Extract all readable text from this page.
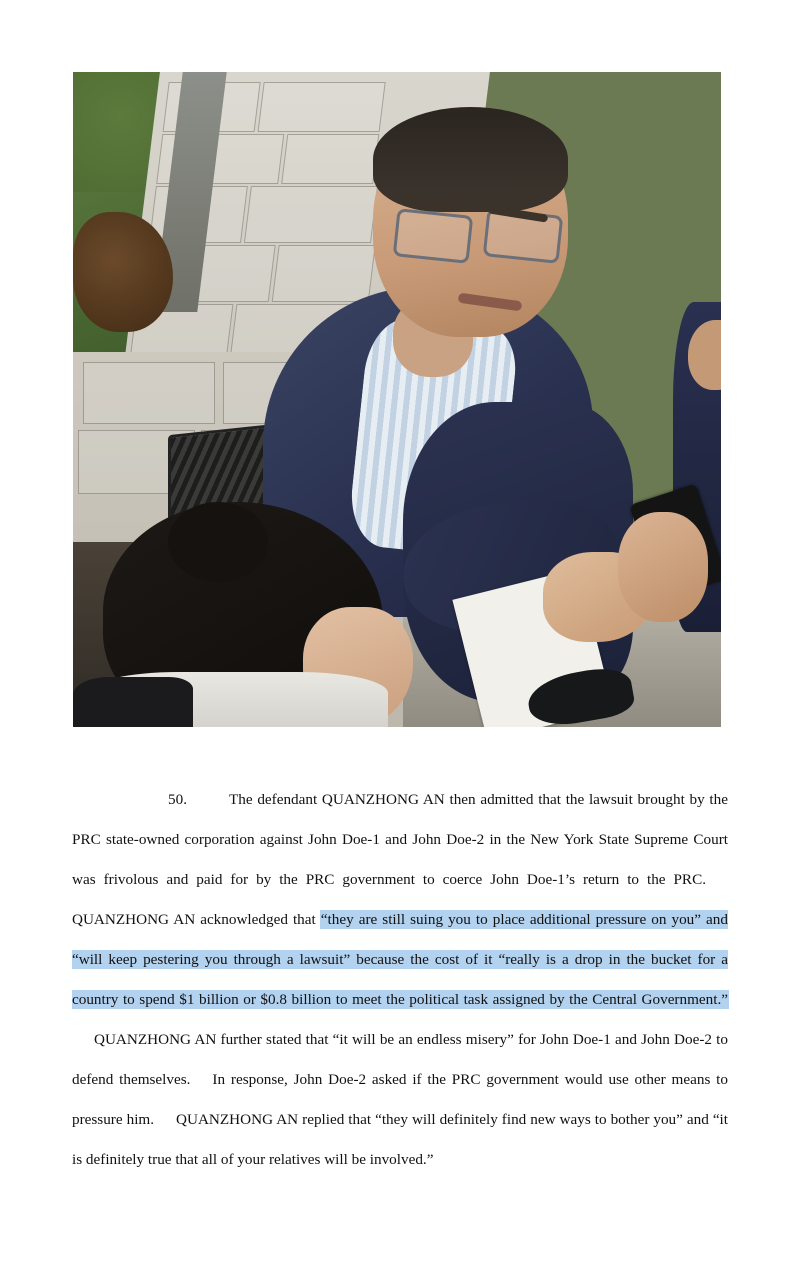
50.	The defendant QUANZHONG AN then admitted that the lawsuit brought by the PRC state-owned corporation against John Doe-1 and John Doe-2 in the New York State Supreme Court was frivolous and paid for by the PRC government to coerce John Doe-1’s return to the PRC.QUANZHONG AN acknowledged that “they are still suing you to place additional pressure on you” and “will keep pestering you through a lawsuit” because the cost of it “really is a drop in the bucket for a country to spend $1 billion or $0.8 billion to meet the political task assigned by the Central Government.”QUANZHONG AN further stated that “it will be an endless misery” for John Doe-1 and John Doe-2 to defend themselves. In response, John Doe-2 asked if the PRC government would use other means to pressure him. QUANZHONG AN replied that “they will definitely find new ways to bother you” and “it is definitely true that all of your relatives will be involved.”
